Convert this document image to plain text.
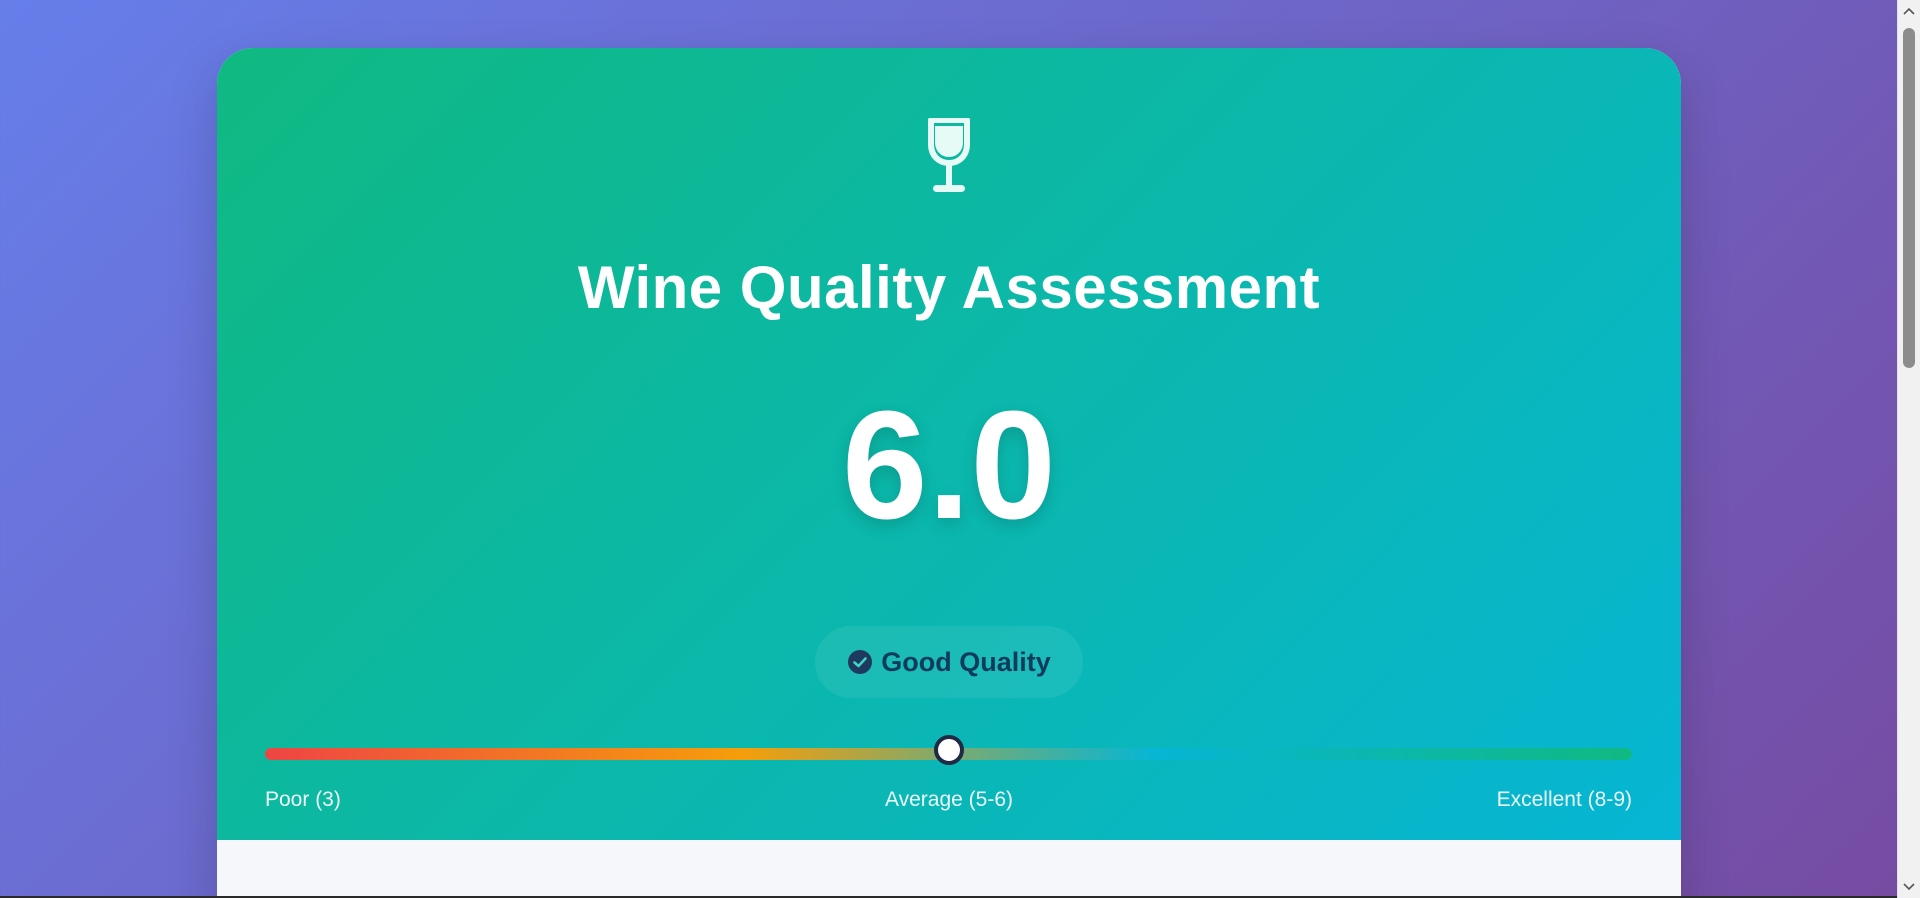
Wine Quality Assessment
6.0
Good Quality
Poor (3)	Average (5-6)	Excellent (8-9)
